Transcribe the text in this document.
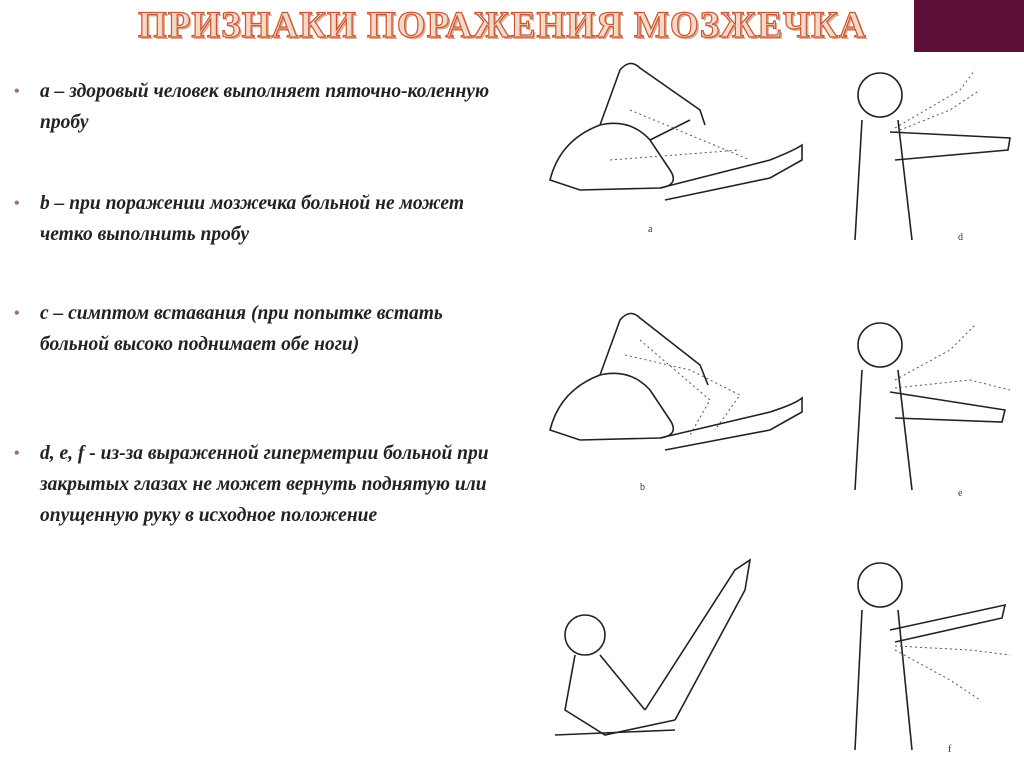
ПРИЗНАКИ ПОРАЖЕНИЯ МОЗЖЕЧКА
• a – здоровый человек выполняет пяточно-коленную пробу
• b – при поражении мозжечка больной не может четко выполнить пробу
• c – симптом вставания (при попытке встать больной высоко поднимает обе ноги)
• d, e, f - из-за выраженной гиперметрии больной при закрытых глазах не может вернуть поднятую или опущенную руку в исходное положение
a
d
b
e
f
